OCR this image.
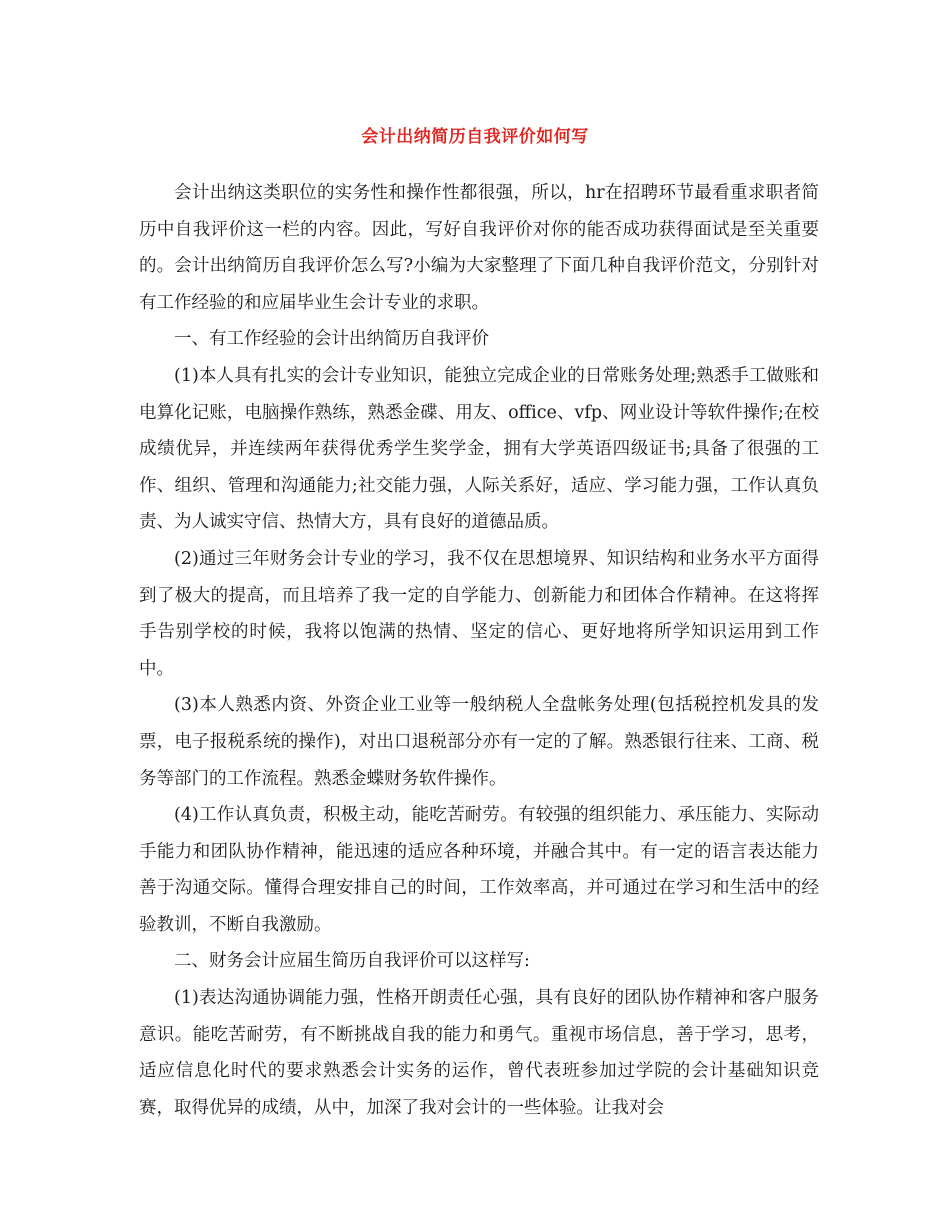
会计出纳简历自我评价如何写

会计出纳这类职位的实务性和操作性都很强，所以，hr在招聘环节最看重求职者简历中自我评价这一栏的内容。因此，写好自我评价对你的能否成功获得面试是至关重要的。会计出纳简历自我评价怎么写?小编为大家整理了下面几种自我评价范文，分别针对有工作经验的和应届毕业生会计专业的求职。

一、有工作经验的会计出纳简历自我评价

(1)本人具有扎实的会计专业知识，能独立完成企业的日常账务处理;熟悉手工做账和电算化记账，电脑操作熟练，熟悉金碟、用友、office、vfp、网业设计等软件操作;在校成绩优异，并连续两年获得优秀学生奖学金，拥有大学英语四级证书;具备了很强的工作、组织、管理和沟通能力;社交能力强，人际关系好，适应、学习能力强，工作认真负责、为人诚实守信、热情大方，具有良好的道德品质。

(2)通过三年财务会计专业的学习，我不仅在思想境界、知识结构和业务水平方面得到了极大的提高，而且培养了我一定的自学能力、创新能力和团体合作精神。在这将挥手告别学校的时候，我将以饱满的热情、坚定的信心、更好地将所学知识运用到工作中。

(3)本人熟悉内资、外资企业工业等一般纳税人全盘帐务处理(包括税控机发具的发票，电子报税系统的操作)，对出口退税部分亦有一定的了解。熟悉银行往来、工商、税务等部门的工作流程。熟悉金蝶财务软件操作。

(4)工作认真负责，积极主动，能吃苦耐劳。有较强的组织能力、承压能力、实际动手能力和团队协作精神，能迅速的适应各种环境，并融合其中。有一定的语言表达能力善于沟通交际。懂得合理安排自己的时间，工作效率高，并可通过在学习和生活中的经验教训，不断自我激励。

二、财务会计应届生简历自我评价可以这样写:

(1)表达沟通协调能力强，性格开朗责任心强，具有良好的团队协作精神和客户服务意识。能吃苦耐劳，有不断挑战自我的能力和勇气。重视市场信息，善于学习，思考，适应信息化时代的要求熟悉会计实务的运作，曾代表班参加过学院的会计基础知识竞赛，取得优异的成绩，从中，加深了我对会计的一些体验。让我对会
